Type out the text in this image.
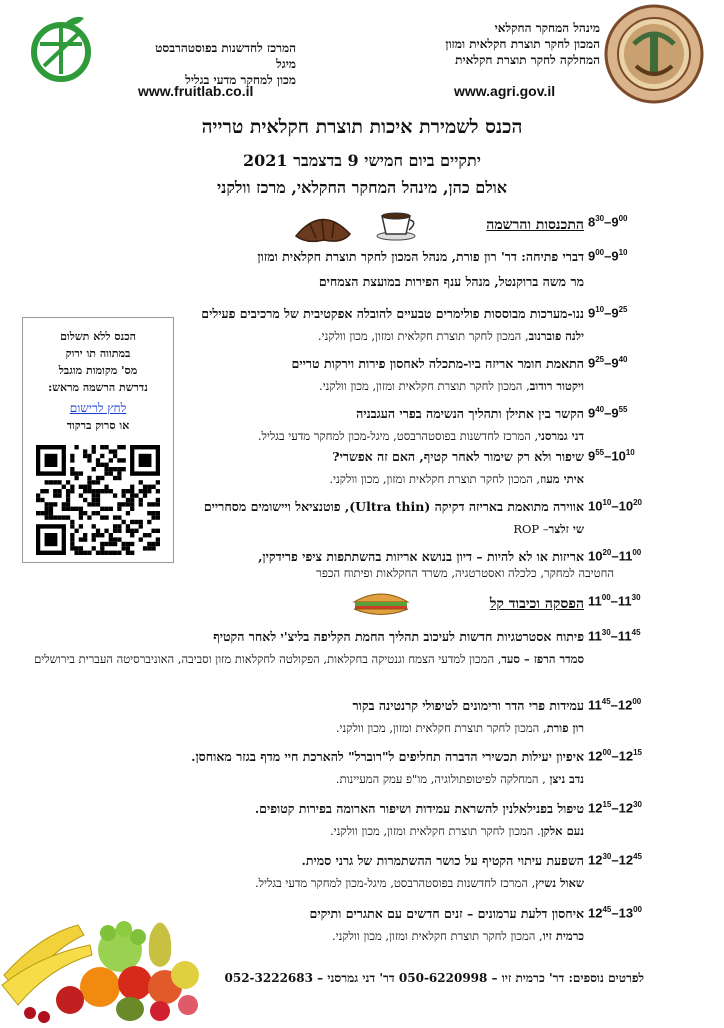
מינהל המחקר החקלאי
המכון לחקר תוצרת חקלאית ומזון
המחלקה לחקר תוצרת חקלאית
www.agri.gov.il
המרכז לחדשנות בפוסטהרבסט
מיגל
מכון למחקר מדעי בגליל
www.fruitlab.co.il
הכנס לשמירת איכות תוצרת חקלאית טרייה
יתקיים ביום חמישי 9 בדצמבר 2021
אולם כהן, מינהל המחקר החקלאי, מרכז וולקני
הכנס ללא תשלום
במתווה תו ירוק
מס' מקומות מוגבל
נדרשת הרשמה מראש:
לחץ לרישום
או סרוק ברקוד
$8^{30}-9^{00}$
התכנסות והרשמה
$9^{00}-9^{10}$
דברי פתיחה: דר' רון פורת, מנהל המכון לחקר תוצרת חקלאית ומזון
מר משה ברוקנטל, מנהל ענף הפירות במועצת הצמחים
$9^{10}-9^{25}$
ננו-מערכות מבוססות פולימרים טבעיים להובלה אפקטיבית של מרכיבים פעילים
ילנה פוברנוב, המכון לחקר תוצרת חקלאית ומזון, מכון וולקני.
$9^{25}-9^{40}$
התאמת חומר אריזה ביו-מתכלה לאחסון פירות וירקות טריים
ויקטור רודוב, המכון לחקר תוצרת חקלאית ומזון, מכון וולקני.
$9^{40}-9^{55}$
הקשר בין אתילן ותהליך הנשימה בפרי העגבניה
דני גמרסני, המרכז לחדשנות בפוסטהרבסט, מיגל-מכון למחקר מדעי בגליל.
$9^{55}-10^{10}$
שיפור ולא רק שימור לאחר קטיף, האם זה אפשרי?
איתי מעוז, המכון לחקר תוצרת חקלאית ומזון, מכון וולקני.
$10^{10}-10^{20}$
אווירה מתואמת באריזה דקיקה (Ultra thin), פוטנציאל ויישומים מסחריים
שי זלצר– ROP
$10^{20}-11^{00}$
אריזות או לא להיות – דיון בנושא אריזות בהשתתפות ציפי פרידקין,
החטיבה למחקר, כלכלה ואסטרטגיה, משרד החקלאות ופיתוח הכפר
$11^{00}-11^{30}$
הפסקה וכיבוד קל
$11^{30}-11^{45}$
פיתוח אסטרטגיות חדשות לעיכוב תהליך החמת הקליפה בליצ'י לאחר הקטיף
סמדר הרפז – סעד, המכון למדעי הצמח וגנטיקה בחקלאות, הפקולטה לחקלאות מזון וסביבה, האוניברסיטה העברית בירושלים
$11^{45}-12^{00}$
עמידות פרי הדר ורימונים לטיפולי קרנטינה בקור
רון פורת, המכון לחקר תוצרת חקלאית ומזון, מכון וולקני.
$12^{00}-12^{15}$
איפיון יעילות תכשירי הדברה תחליפים ל"רוברל" להארכת חיי מדף בגזר מאוחסן.
נדב ניצן , המחלקה לפיטופתולוגיה, מו"פ עמק המעיינות.
$12^{15}-12^{30}$
טיפול בפניל‏אלנין להשראת עמידות ושיפור הארומה בפירות קטופים.
נעם אלקן. המכון לחקר תוצרת חקלאית ומזון, מכון וולקני.
$12^{30}-12^{45}$
השפעת עיתוי הקטיף על כושר ההשתמרות של גרני סמית.
שאול נשיץ, המרכז לחדשנות בפוסטהרבסט, מיגל-מכון למחקר מדעי בגליל.
$12^{45}-13^{00}$
איחסון דלעת ערמונים – זנים חדשים עם אתגרים ותיקים
כרמית זיו, המכון לחקר תוצרת חקלאית ומזון, מכון וולקני.
לפרטים נוספים: דר' כרמית זיו – 050-6220998 דר' דני גמרסני – 052-3222683
